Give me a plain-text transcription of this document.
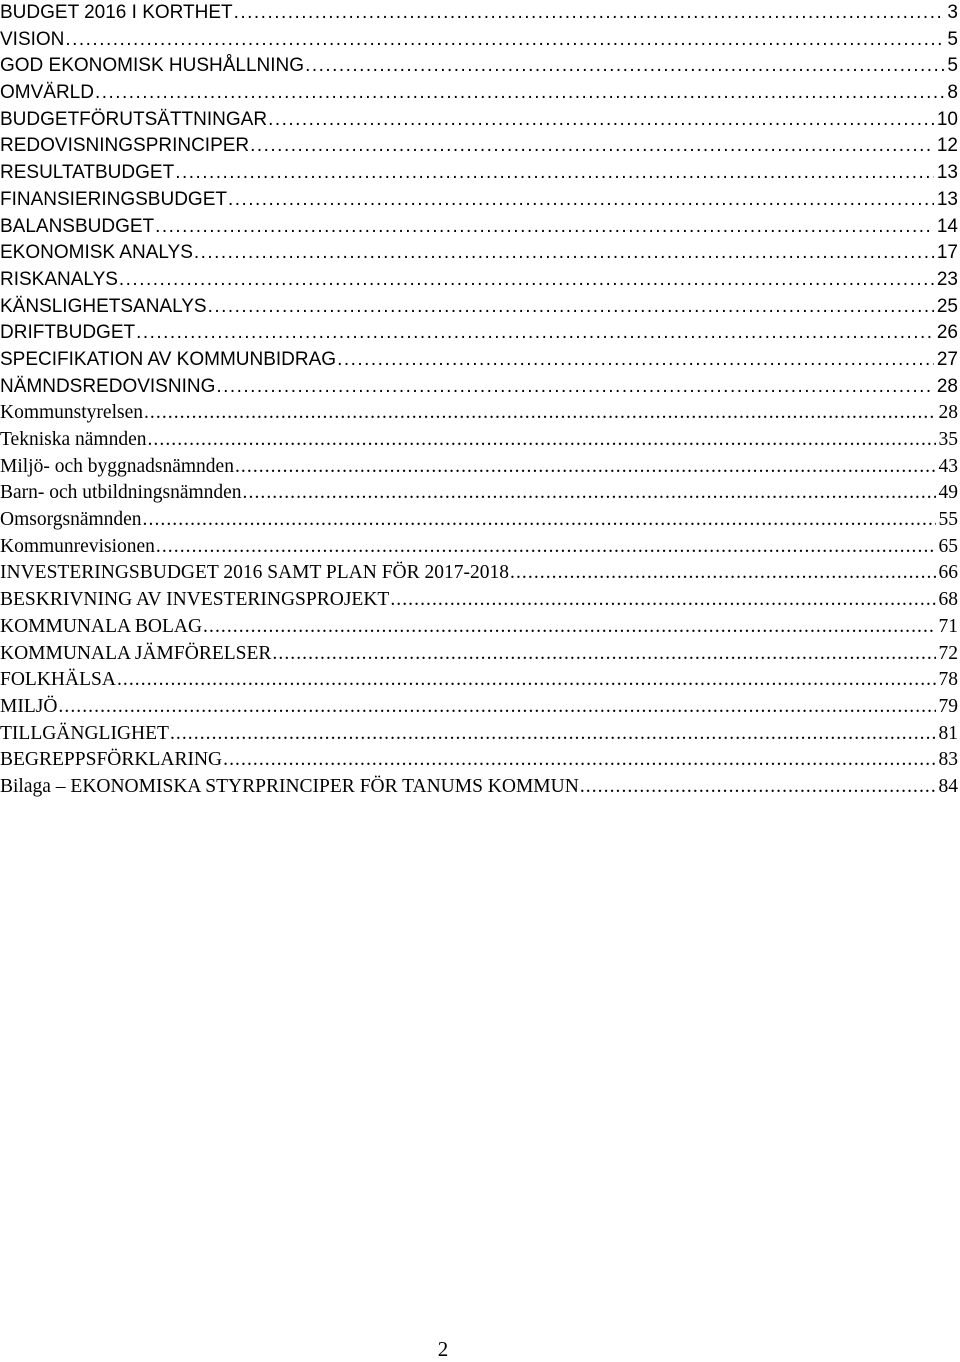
BUDGET 2016 I KORTHET . . .	3
VISION . . .	5
GOD EKONOMISK HUSHÅLLNING . . .	5
OMVÄRLD . . .	8
BUDGETFÖRUTSÄTTNINGAR . . .	10
REDOVISNINGSPRINCIPER . . .	12
RESULTATBUDGET . . .	13
FINANSIERINGSBUDGET . . .	13
BALANSBUDGET . . .	14
EKONOMISK ANALYS . . .	17
RISKANALYS . . .	23
KÄNSLIGHETSANALYS . . .	25
DRIFTBUDGET . . .	26
SPECIFIKATION AV KOMMUNBIDRAG . . .	27
NÄMNDSREDOVISNING . . .	28
Kommunstyrelsen . . .	28
Tekniska nämnden . . .	35
Miljö- och byggnadsnämnden . . .	43
Barn- och utbildningsnämnden . . .	49
Omsorgsnämnden . . .	55
Kommunrevisionen . . .	65
INVESTERINGSBUDGET 2016 SAMT PLAN FÖR 2017-2018 . . .	66
BESKRIVNING AV INVESTERINGSPROJEKT . . .	68
KOMMUNALA BOLAG . . .	71
KOMMUNALA JÄMFÖRELSER . . .	72
FOLKHÄLSA . . .	78
MILJÖ . . .	79
TILLGÄNGLIGHET . . .	81
BEGREPPSFÖRKLARING . . .	83
Bilaga – EKONOMISKA STYRPRINCIPER FÖR TANUMS KOMMUN . . .	84
2
